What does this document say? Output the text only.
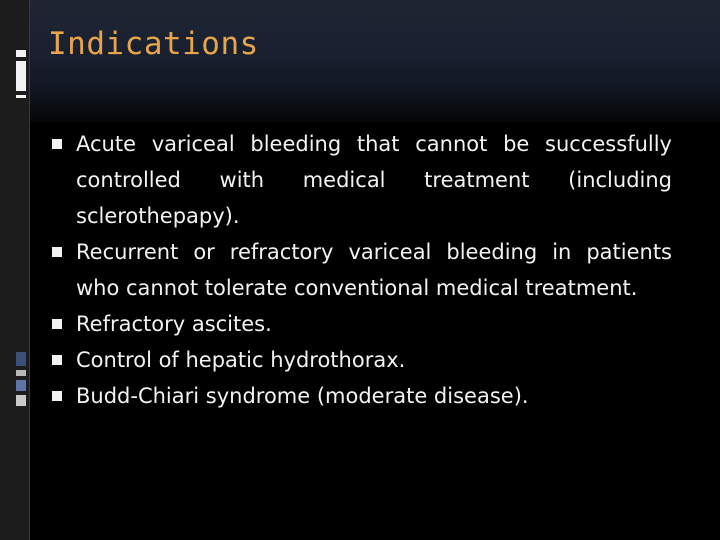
Indications
Acute variceal bleeding that cannot be successfully controlled with medical treatment (including sclerothepapy).
Recurrent or refractory variceal bleeding in patients who cannot tolerate conventional medical treatment.
Refractory ascites.
Control of hepatic hydrothorax.
Budd-Chiari syndrome (moderate disease).
